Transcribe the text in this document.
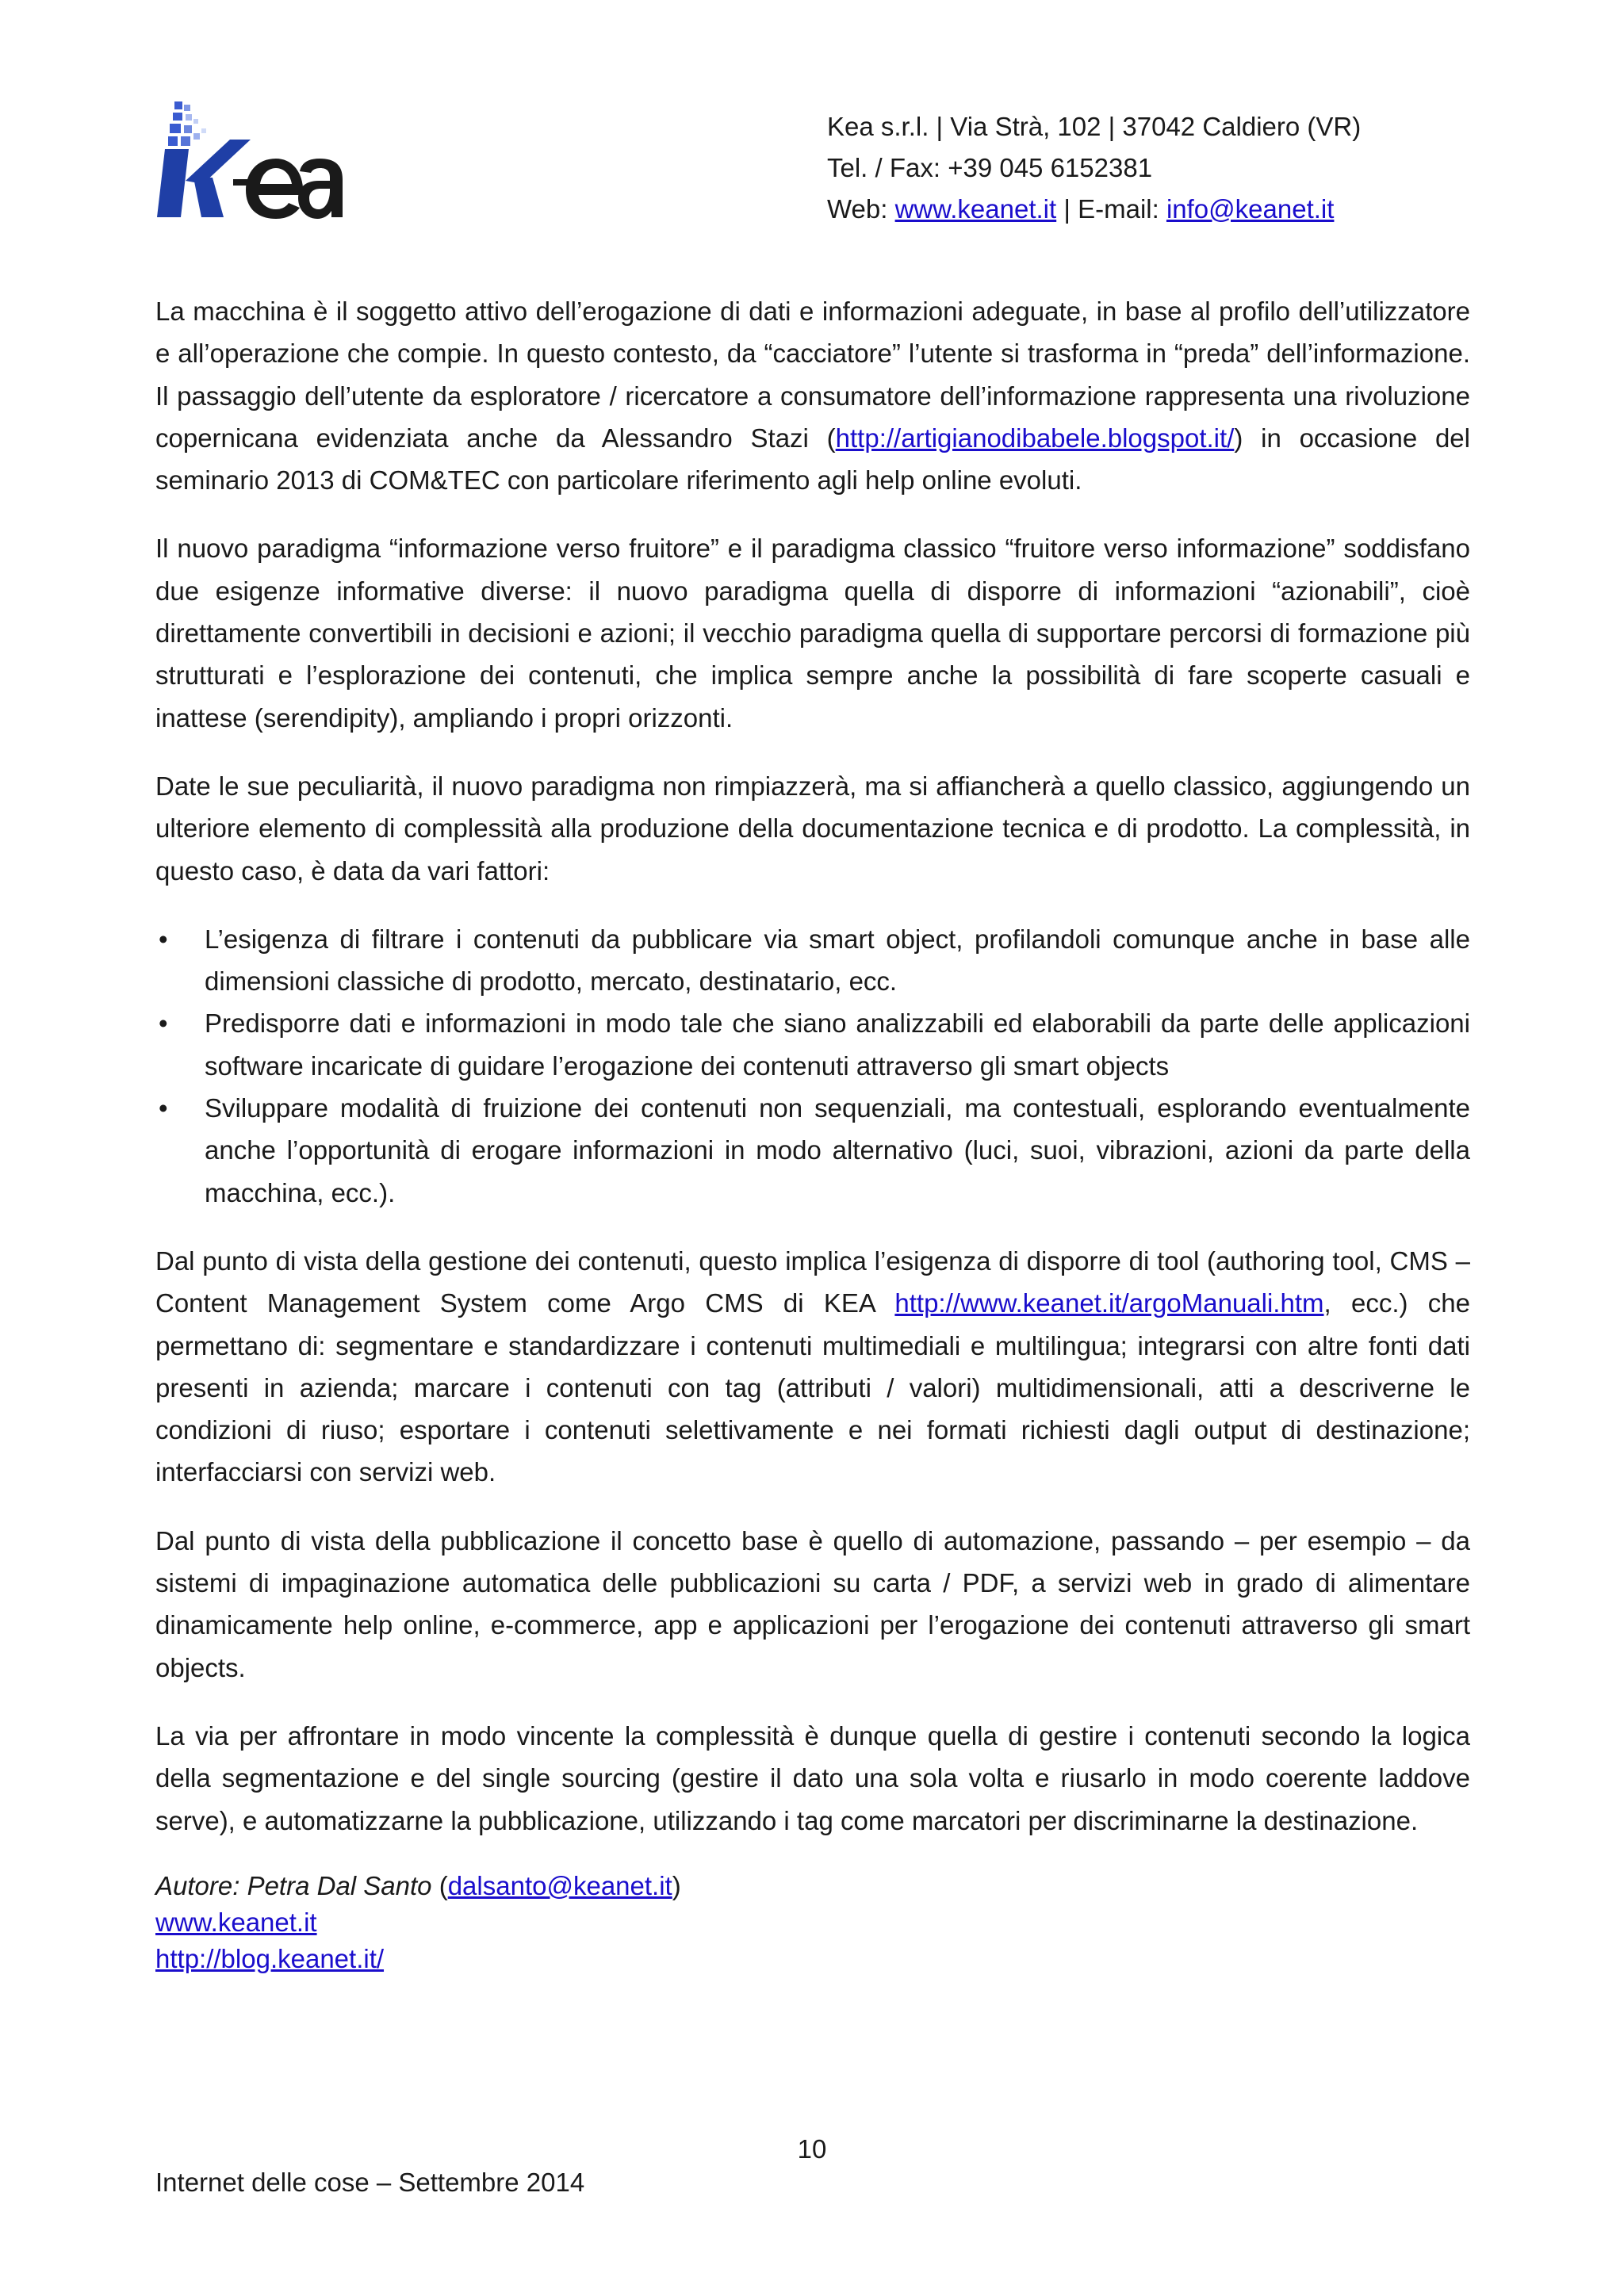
Kea s.r.l. | Via Strà, 102 | 37042 Caldiero (VR)
Tel. / Fax: +39 045 6152381
Web: www.keanet.it | E-mail: info@keanet.it

La macchina è il soggetto attivo dell’erogazione di dati e informazioni adeguate, in base al profilo dell’utilizzatore e all’operazione che compie. In questo contesto, da “cacciatore” l’utente si trasforma in “preda” dell’informazione. Il passaggio dell’utente da esploratore / ricercatore a consumatore dell’informazione rappresenta una rivoluzione copernicana evidenziata anche da Alessandro Stazi (http://artigianodibabele.blogspot.it/) in occasione del seminario 2013 di COM&TEC con particolare riferimento agli help online evoluti.

Il nuovo paradigma “informazione verso fruitore” e il paradigma classico “fruitore verso informazione” soddisfano due esigenze informative diverse: il nuovo paradigma quella di disporre di informazioni “azionabili”, cioè direttamente convertibili in decisioni e azioni; il vecchio paradigma quella di supportare percorsi di formazione più strutturati e l’esplorazione dei contenuti, che implica sempre anche la possibilità di fare scoperte casuali e inattese (serendipity), ampliando i propri orizzonti.

Date le sue peculiarità, il nuovo paradigma non rimpiazzerà, ma si affiancherà a quello classico, aggiungendo un ulteriore elemento di complessità alla produzione della documentazione tecnica e di prodotto. La complessità, in questo caso, è data da vari fattori:

• L’esigenza di filtrare i contenuti da pubblicare via smart object, profilandoli comunque anche in base alle dimensioni classiche di prodotto, mercato, destinatario, ecc.
• Predisporre dati e informazioni in modo tale che siano analizzabili ed elaborabili da parte delle applicazioni software incaricate di guidare l’erogazione dei contenuti attraverso gli smart objects
• Sviluppare modalità di fruizione dei contenuti non sequenziali, ma contestuali, esplorando eventualmente anche l’opportunità di erogare informazioni in modo alternativo (luci, suoi, vibrazioni, azioni da parte della macchina, ecc.).

Dal punto di vista della gestione dei contenuti, questo implica l’esigenza di disporre di tool (authoring tool, CMS – Content Management System come Argo CMS di KEA http://www.keanet.it/argoManuali.htm, ecc.) che permettano di: segmentare e standardizzare i contenuti multimediali e multilingua; integrarsi con altre fonti dati presenti in azienda; marcare i contenuti con tag (attributi / valori) multidimensionali, atti a descriverne le condizioni di riuso; esportare i contenuti selettivamente e nei formati richiesti dagli output di destinazione; interfacciarsi con servizi web.

Dal punto di vista della pubblicazione il concetto base è quello di automazione, passando – per esempio – da sistemi di impaginazione automatica delle pubblicazioni su carta / PDF, a servizi web in grado di alimentare dinamicamente help online, e-commerce, app e applicazioni per l’erogazione dei contenuti attraverso gli smart objects.

La via per affrontare in modo vincente la complessità è dunque quella di gestire i contenuti secondo la logica della segmentazione e del single sourcing (gestire il dato una sola volta e riusarlo in modo coerente laddove serve), e automatizzarne la pubblicazione, utilizzando i tag come marcatori per discriminarne la destinazione.

Autore: Petra Dal Santo (dalsanto@keanet.it)
www.keanet.it
http://blog.keanet.it/
10
Internet delle cose – Settembre 2014
